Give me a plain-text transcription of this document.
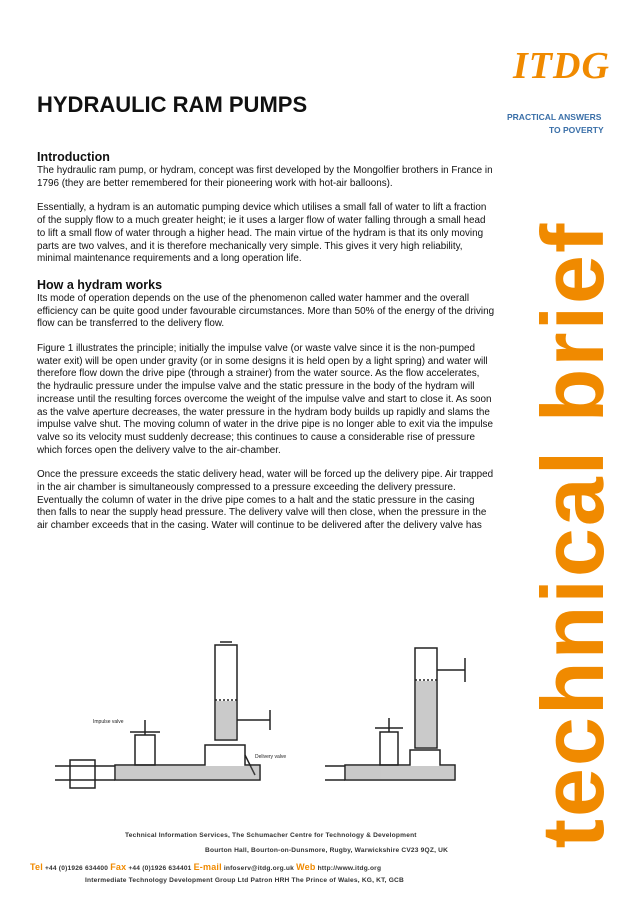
ITDG
PRACTICAL ANSWERS
TO POVERTY
technical brief
HYDRAULIC RAM PUMPS
Introduction

The hydraulic ram pump, or hydram, concept was first developed by the Mongolfier brothers in France in 1796 (they are better remembered for their pioneering work with hot-air balloons).

Essentially, a hydram is an automatic pumping device which utilises a small fall of water to lift a fraction of the supply flow to a much greater height; ie it uses a larger flow of water falling through a small head to lift a small flow of water through a higher head. The main virtue of the hydram is that its only moving parts are two valves, and it is therefore mechanically very simple. This gives it very high reliability, minimal maintenance requirements and a long operation life.

How a hydram works

Its mode of operation depends on the use of the phenomenon called water hammer and the overall efficiency can be quite good under favourable circumstances. More than 50% of the energy of the driving flow can be transferred to the delivery flow.

Figure 1 illustrates the principle; initially the impulse valve (or waste valve since it is the non-pumped water exit) will be open under gravity (or in some designs it is held open by a light spring) and water will therefore flow down the drive pipe (through a strainer) from the water source. As the flow accelerates, the hydraulic pressure under the impulse valve and the static pressure in the body of the hydram will increase until the resulting forces overcome the weight of the impulse valve and start to close it. As soon as the valve aperture decreases, the water pressure in the hydram body builds up rapidly and slams the impulse valve shut. The moving column of water in the drive pipe is no longer able to exit via the impulse valve so its velocity must suddenly decrease; this continues to cause a considerable rise of pressure which forces open the delivery valve to the air-chamber.

Once the pressure exceeds the static delivery head, water will be forced up the delivery pipe. Air trapped in the air chamber is simultaneously compressed to a pressure exceeding the delivery pressure. Eventually the column of water in the drive pipe comes to a halt and the static pressure in the casing then falls to near the supply head pressure. The delivery valve will then close, when the pressure in the air chamber exceeds that in the casing. Water will continue to be delivered after the delivery valve has

Impulse valve
Delivery valve
Technical Information Services, The Schumacher Centre for Technology & Development
Bourton Hall, Bourton-on-Dunsmore, Rugby, Warwickshire CV23 9QZ, UK
Tel +44 (0)1926 634400 Fax +44 (0)1926 634401 E-mail infoserv@itdg.org.uk Web http://www.itdg.org
Intermediate Technology Development Group Ltd Patron HRH The Prince of Wales, KG, KT, GCB
